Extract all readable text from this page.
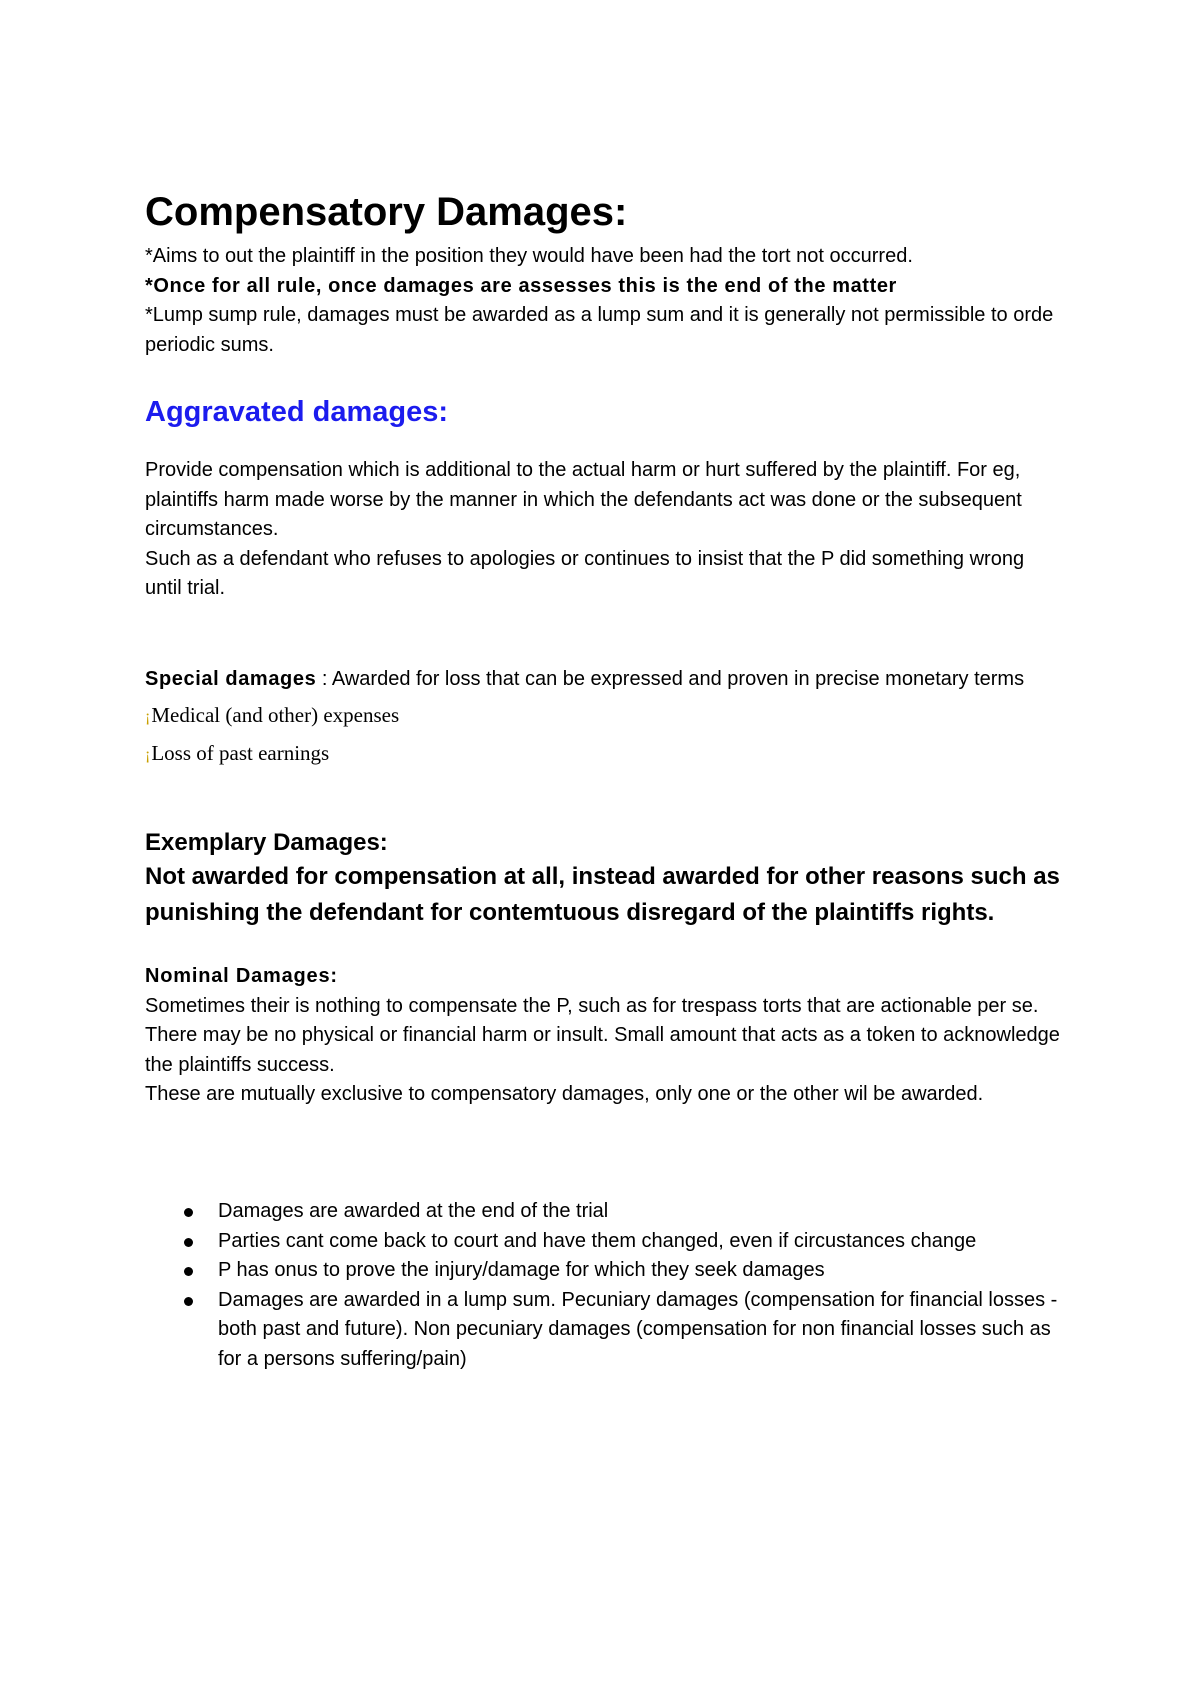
Compensatory Damages:

*Aims to out the plaintiff in the position they would have been had the tort not occurred.

*Once for all rule, once damages are assesses this is the end of the matter

*Lump sump rule, damages must be awarded as a lump sum and it is generally not permissible to orde periodic sums.

Aggravated damages:

Provide compensation which is additional to the actual harm or hurt suffered by the plaintiff. For eg, plaintiffs harm made worse by the manner in which the defendants act was done or the subsequent circumstances.

Such as a defendant who refuses to apologies or continues to insist that the P did something wrong until trial.

Special damages : Awarded for loss that can be expressed and proven in precise monetary terms

¡Medical (and other) expenses

¡Loss of past earnings

Exemplary Damages:

Not awarded for compensation at all, instead awarded for other reasons such as punishing the defendant for contemtuous disregard of the plaintiffs rights.

Nominal Damages:

Sometimes their is nothing to compensate the P, such as for trespass torts that are actionable per se. There may be no physical or financial harm or insult. Small amount that acts as a token to acknowledge the plaintiffs success.

These are mutually exclusive to compensatory damages, only one or the other wil be awarded.

Damages are awarded at the end of the trial
Parties cant come back to court and have them changed, even if circustances change
P has onus to prove the injury/damage for which they seek damages
Damages are awarded in a lump sum. Pecuniary damages (compensation for financial losses - both past and future). Non pecuniary damages (compensation for non financial losses such as for a persons suffering/pain)
